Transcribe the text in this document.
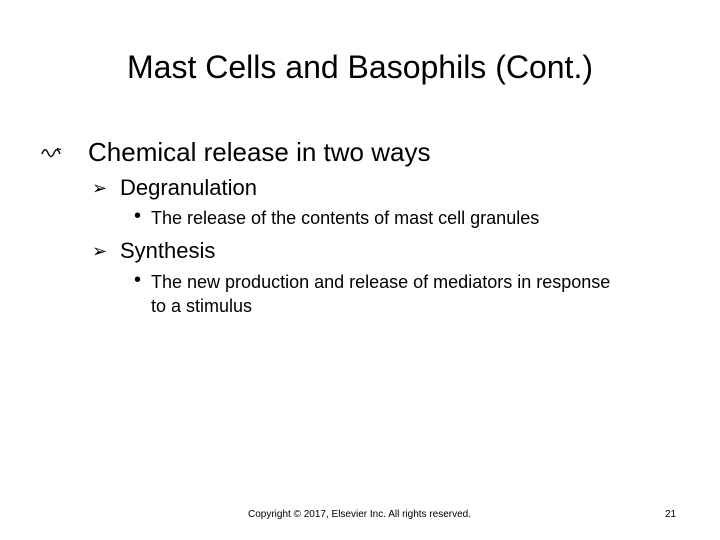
Mast Cells and Basophils (Cont.)
Chemical release in two ways
➢ Degranulation
• The release of the contents of mast cell granules
➢ Synthesis
• The new production and release of mediators in response to a stimulus
Copyright © 2017, Elsevier Inc. All rights reserved.	21
